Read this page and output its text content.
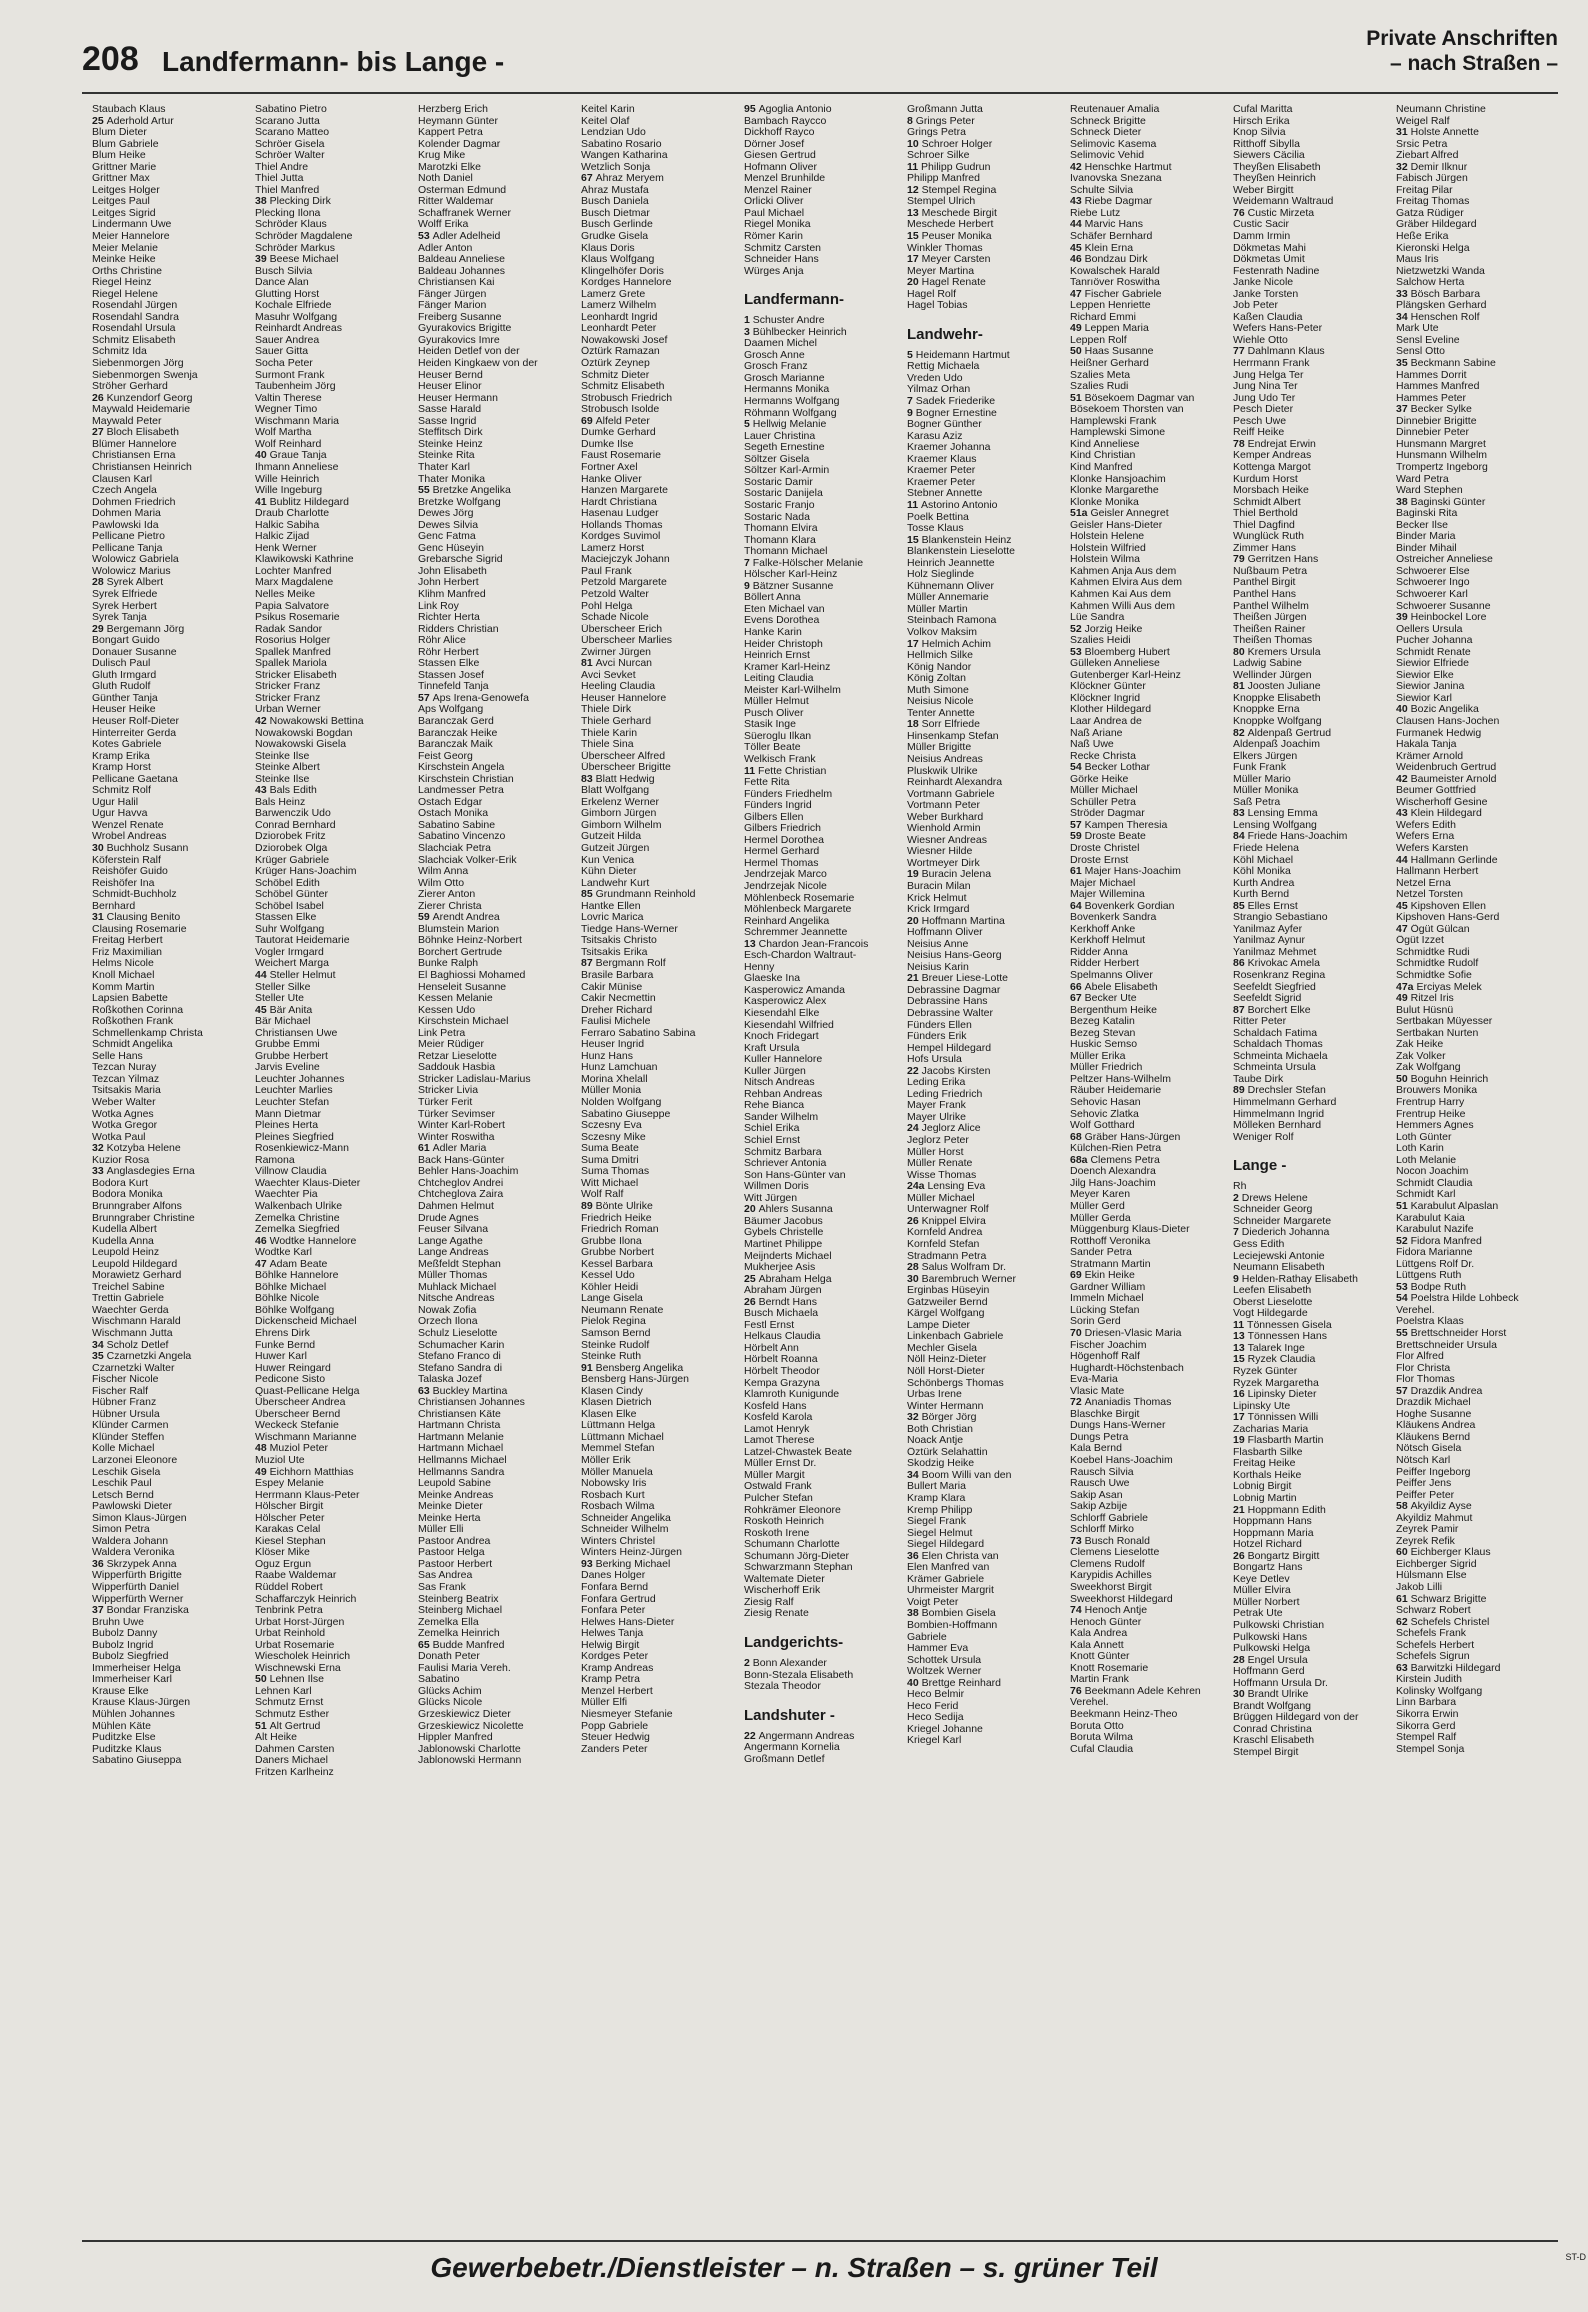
208 Landfermann- bis Lange -
Private Anschriften
– nach Straßen –
Staubach Klaus
25 Aderhold Artur
Blum Dieter
Blum Gabriele
Blum Heike
Grittner Marie
Grittner Max
Leitges Holger
Leitges Paul
Leitges Sigrid
Lindermann Uwe
Meier Hannelore
Meier Melanie
Meinke Heike
Orths Christine
Riegel Heinz
Riegel Helene
Rosendahl Jürgen
Rosendahl Sandra
Rosendahl Ursula
Schmitz Elisabeth
Schmitz Ida
Siebenmorgen Jörg
Siebenmorgen Swenja
Ströher Gerhard
26 Kunzendorf Georg
Maywald Heidemarie
Maywald Peter
27 Bloch Elisabeth
Blümer Hannelore
Christiansen Erna
Christiansen Heinrich
Clausen Karl
Czech Angela
Dohmen Friedrich
Dohmen Maria
Pawlowski Ida
Pellicane Pietro
Pellicane Tanja
Wolowicz Gabriela
Wolowicz Marius
28 Syrek Albert
Syrek Elfriede
Syrek Herbert
Syrek Tanja
29 Bergemann Jörg
Bongart Guido
Donauer Susanne
Dulisch Paul
Gluth Irmgard
Gluth Rudolf
Günther Tanja
Heuser Heike
Heuser Rolf-Dieter
Hinterreiter Gerda
Kotes Gabriele
Kramp Erika
Kramp Horst
Pellicane Gaetana
Schmitz Rolf
Ugur Halil
Ugur Havva
Wenzel Renate
Wrobel Andreas
30 Buchholz Susann
Köferstein Ralf
Reishöfer Guido
Reishöfer Ina
Schmidt-Buchholz
Bernhard
31 Clausing Benito
Clausing Rosemarie
Freitag Herbert
Friz Maximilian
Helms Nicole
Knoll Michael
Komm Martin
Lapsien Babette
Roßkothen Corinna
Roßkothen Frank
Schmellenkamp Christa
Schmidt Angelika
Selle Hans
Tezcan Nuray
Tezcan Yilmaz
Tsitsakis Maria
Weber Walter
Wotka Agnes
Wotka Gregor
Wotka Paul
32 Kotzyba Helene
Kuzior Rosa
33 Anglasdegies Erna
Bodora Kurt
Bodora Monika
Brunngraber Alfons
Brunngraber Christine
Kudella Albert
Kudella Anna
Leupold Heinz
Leupold Hildegard
Morawietz Gerhard
Treichel Sabine
Trettin Gabriele
Waechter Gerda
Wischmann Harald
Wischmann Jutta
34 Scholz Detlef
35 Czarnetzki Angela
Czarnetzki Walter
Fischer Nicole
Fischer Ralf
Hübner Franz
Hübner Ursula
Klünder Carmen
Klünder Steffen
Kolle Michael
Larzonei Eleonore
Leschik Gisela
Leschik Paul
Letsch Bernd
Pawlowski Dieter
Simon Klaus-Jürgen
Simon Petra
Waldera Johann
Waldera Veronika
36 Skrzypek Anna
Wipperfürth Brigitte
Wipperfürth Daniel
Wipperfürth Werner
37 Bondar Franziska
Bruhn Uwe
Bubolz Danny
Bubolz Ingrid
Bubolz Siegfried
Immerheiser Helga
Immerheiser Karl
Krause Elke
Krause Klaus-Jürgen
Mühlen Johannes
Mühlen Käte
Puditzke Else
Puditzke Klaus
Sabatino Giuseppa
Sabatino Pietro
Scarano Jutta
Scarano Matteo
Schröer Gisela
Schröer Walter
Thiel Andre
Thiel Jutta
Thiel Manfred
38 Plecking Dirk
Plecking Ilona
Schröder Klaus
Schröder Magdalene
Schröder Markus
39 Beese Michael
Busch Silvia
Dance Alan
Glutting Horst
Kochale Elfriede
Masuhr Wolfgang
Reinhardt Andreas
Sauer Andrea
Sauer Gitta
Socha Peter
Surmont Frank
Taubenheim Jörg
Valtin Therese
Wegner Timo
Wischmann Maria
Wolf Martha
Wolf Reinhard
40 Graue Tanja
Ihmann Anneliese
Wille Heinrich
Wille Ingeburg
41 Bublitz Hildegard
Draub Charlotte
Halkic Sabiha
Halkic Zijad
Henk Werner
Klawikowski Kathrine
Lochter Manfred
Marx Magdalene
Nelles Meike
Papia Salvatore
Psikus Rosemarie
Radak Sandor
Rosorius Holger
Spallek Manfred
Spallek Mariola
Stricker Elisabeth
Stricker Franz
Stricker Franz
Urban Werner
42 Nowakowski Bettina
Nowakowski Bogdan
Nowakowski Gisela
Steinke Ilse
Steinke Albert
Steinke Ilse
43 Bals Edith
Bals Heinz
Barwenczik Udo
Conrad Bernhard
Dziorobek Fritz
Dziorobek Olga
Krüger Gabriele
Krüger Hans-Joachim
Schöbel Edith
Schöbel Günter
Schöbel Isabel
Stassen Elke
Suhr Wolfgang
Tautorat Heidemarie
Vogler Irmgard
Weichert Marga
44 Steller Helmut
Steller Silke
Steller Ute
45 Bär Anita
Bär Michael
Christiansen Uwe
Grubbe Emmi
Grubbe Herbert
Jarvis Eveline
Leuchter Johannes
Leuchter Marlies
Leuchter Stefan
Mann Dietmar
Pleines Herta
Pleines Siegfried
Rosenkiewicz-Mann
Ramona
Villnow Claudia
Waechter Klaus-Dieter
Waechter Pia
Walkenbach Ulrike
Zemelka Christine
Zemelka Siegfried
46 Wodtke Hannelore
Wodtke Karl
47 Adam Beate
Böhlke Hannelore
Böhlke Michael
Böhlke Nicole
Böhlke Wolfgang
Dickenscheid Michael
Ehrens Dirk
Funke Bernd
Huwer Karl
Huwer Reingard
Pedicone Sisto
Quast-Pellicane Helga
Überscheer Andrea
Überscheer Bernd
Weckeck Stefanie
Wischmann Marianne
48 Muziol Peter
Muziol Ute
49 Eichhorn Matthias
Espey Melanie
Herrmann Klaus-Peter
Hölscher Birgit
Hölscher Peter
Karakas Celal
Kiesel Stephan
Klöser Mike
Oguz Ergun
Raabe Waldemar
Rüddel Robert
Schaffarczyk Heinrich
Tenbrink Petra
Urbat Horst-Jürgen
Urbat Reinhold
Urbat Rosemarie
Wiescholek Heinrich
Wischnewski Erna
50 Lehnen Ilse
Lehnen Karl
Schmutz Ernst
Schmutz Esther
51 Alt Gertrud
Alt Heike
Dahmen Carsten
Daners Michael
Fritzen Karlheinz
Herzberg Erich
Heymann Günter
Kappert Petra
Kolender Dagmar
Krug Mike
Marotzki Elke
Noth Daniel
Osterman Edmund
Ritter Waldemar
Schaffranek Werner
Wolff Erika
53 Adler Adelheid
Adler Anton
Baldeau Anneliese
Baldeau Johannes
Christiansen Kai
Fänger Jürgen
Fänger Marion
Freiberg Susanne
Gyurakovics Brigitte
Gyurakovics Imre
Heiden Detlef von der
Heiden Kingkaew von der
Heuser Bernd
Heuser Elinor
Heuser Hermann
Sasse Harald
Sasse Ingrid
Steffitsch Dirk
Steinke Heinz
Steinke Rita
Thater Karl
Thater Monika
55 Bretzke Angelika
Bretzke Wolfgang
Dewes Jörg
Dewes Silvia
Genc Fatma
Genc Hüseyin
Grebarsche Sigrid
John Elisabeth
John Herbert
Klihm Manfred
Link Roy
Richter Herta
Ridders Christian
Röhr Alice
Röhr Herbert
Stassen Elke
Stassen Josef
Tinnefeld Tanja
57 Aps Irena-Genowefa
Aps Wolfgang
Baranczak Gerd
Baranczak Heike
Baranczak Maik
Feist Georg
Kirschstein Angela
Kirschstein Christian
Landmesser Petra
Ostach Edgar
Ostach Monika
Sabatino Sabine
Sabatino Vincenzo
Slachciak Petra
Slachciak Volker-Erik
Wilm Anna
Wilm Otto
Zierer Anton
Zierer Christa
59 Arendt Andrea
Blumstein Marion
Böhnke Heinz-Norbert
Borchert Gertrude
Bunke Ralph
El Baghiossi Mohamed
Henseleit Susanne
Kessen Melanie
Kessen Udo
Kirschstein Michael
Link Petra
Meier Rüdiger
Retzar Lieselotte
Saddouk Hasbia
Stricker Ladislau-Marius
Stricker Livia
Türker Ferit
Türker Sevimser
Winter Karl-Robert
Winter Roswitha
61 Adler Maria
Back Hans-Günter
Behler Hans-Joachim
Chtcheglov Andrei
Chtcheglova Zaira
Dahmen Helmut
Drude Agnes
Feuser Silvana
Lange Agathe
Lange Andreas
Meßfeldt Stephan
Müller Thomas
Muhlack Michael
Nitsche Andreas
Nowak Zofia
Orzech Ilona
Schulz Lieselotte
Schumacher Karin
Stefano Franco di
Stefano Sandra di
Talaska Jozef
63 Buckley Martina
Christiansen Johannes
Christiansen Käte
Hartmann Christa
Hartmann Melanie
Hartmann Michael
Hellmanns Michael
Hellmanns Sandra
Leupold Sabine
Meinke Andreas
Meinke Dieter
Meinke Herta
Müller Elli
Pastoor Andrea
Pastoor Helga
Pastoor Herbert
Sas Andrea
Sas Frank
Steinberg Beatrix
Steinberg Michael
Zemelka Ella
Zemelka Heinrich
65 Budde Manfred
Donath Peter
Faulisi Maria Vereh.
Sabatino
Glücks Achim
Glücks Nicole
Grzeskiewicz Dieter
Grzeskiewicz Nicolette
Hippler Manfred
Jablonowski Charlotte
Jablonowski Hermann
Keitel Karin
Keitel Olaf
Lendzian Udo
Sabatino Rosario
Wangen Katharina
Wetzlich Sonja
67 Ahraz Meryem
Ahraz Mustafa
Busch Daniela
Busch Dietmar
Busch Gerlinde
Grudke Gisela
Klaus Doris
Klaus Wolfgang
Klingelhöfer Doris
Kordges Hannelore
Lamerz Grete
Lamerz Wilhelm
Leonhardt Ingrid
Leonhardt Peter
Nowakowski Josef
Öztürk Ramazan
Öztürk Zeynep
Schmitz Dieter
Schmitz Elisabeth
Strobusch Friedrich
Strobusch Isolde
69 Alfeld Peter
Dumke Gerhard
Dumke Ilse
Faust Rosemarie
Fortner Axel
Hanke Oliver
Hanzen Margarete
Hardt Christiana
Hasenau Ludger
Hollands Thomas
Kordges Suvimol
Lamerz Horst
Maciejczyk Johann
Paul Frank
Petzold Margarete
Petzold Walter
Pohl Helga
Schade Nicole
Überscheer Erich
Überscheer Marlies
Zwirner Jürgen
81 Avci Nurcan
Avci Sevket
Heeling Claudia
Heuser Hannelore
Thiele Dirk
Thiele Gerhard
Thiele Karin
Thiele Sina
Überscheer Alfred
Überscheer Brigitte
83 Blatt Hedwig
Blatt Wolfgang
Erkelenz Werner
Gimborn Jürgen
Gimborn Wilhelm
Gutzeit Hilda
Gutzeit Jürgen
Kun Venica
Kühn Dieter
Landwehr Kurt
85 Grundmann Reinhold
Hantke Ellen
Lovric Marica
Tiedge Hans-Werner
Tsitsakis Christo
Tsitsakis Erika
87 Bergmann Rolf
Brasile Barbara
Cakir Münise
Cakir Necmettin
Dreher Richard
Faulisi Michele
Ferraro Sabatino Sabina
Heuser Ingrid
Hunz Hans
Hunz Lamchuan
Morina Xhelall
Müller Monia
Nolden Wolfgang
Sabatino Giuseppe
Sczesny Eva
Sczesny Mike
Suma Beate
Suma Dmitri
Suma Thomas
Witt Michael
Wolf Ralf
89 Bönte Ulrike
Friedrich Heike
Friedrich Roman
Grubbe Ilona
Grubbe Norbert
Kessel Barbara
Kessel Udo
Köhler Heidi
Lange Gisela
Neumann Renate
Pielok Regina
Samson Bernd
Steinke Rudolf
Steinke Ruth
91 Bensberg Angelika
Bensberg Hans-Jürgen
Klasen Cindy
Klasen Dietrich
Klasen Elke
Lüttmann Helga
Lüttmann Michael
Memmel Stefan
Möller Erik
Möller Manuela
Nobowsky Iris
Rosbach Kurt
Rosbach Wilma
Schneider Angelika
Schneider Wilhelm
Winters Christel
Winters Heinz-Jürgen
93 Berking Michael
Danes Holger
Fonfara Bernd
Fonfara Gertrud
Fonfara Peter
Helwes Hans-Dieter
Helwes Tanja
Helwig Birgit
Kordges Peter
Kramp Andreas
Kramp Petra
Menzel Herbert
Müller Elfi
Niesmeyer Stefanie
Popp Gabriele
Steuer Hedwig
Zanders Peter
95 Agoglia Antonio
Bambach Raycco
Dickhoff Rayco
Dörner Josef
Giesen Gertrud
Hofmann Oliver
Menzel Brunhilde
Menzel Rainer
Orlicki Oliver
Paul Michael
Riegel Monika
Römer Karin
Schmitz Carsten
Schneider Hans
Würges Anja
Landfermann-
1 Schuster Andre
3 Bühlbecker Heinrich
Daamen Michel
Grosch Anne
Grosch Franz
Grosch Marianne
Hermanns Monika
Hermanns Wolfgang
Röhmann Wolfgang
5 Hellwig Melanie
Lauer Christina
Segeth Ernestine
Söltzer Gisela
Söltzer Karl-Armin
Sostaric Damir
Sostaric Danijela
Sostaric Franjo
Sostaric Nada
Thomann Elvira
Thomann Klara
Thomann Michael
7 Falke-Hölscher Melanie
Hölscher Karl-Heinz
9 Bätzner Susanne
Böllert Anna
Eten Michael van
Evens Dorothea
Hanke Karin
Heider Christoph
Heinrich Ernst
Kramer Karl-Heinz
Leiting Claudia
Meister Karl-Wilhelm
Müller Helmut
Pusch Oliver
Stasik Inge
Süeroglu Ilkan
Töller Beate
Welkisch Frank
11 Fette Christian
Fette Rita
Fünders Friedhelm
Fünders Ingrid
Gilbers Ellen
Gilbers Friedrich
Hermel Dorothea
Hermel Gerhard
Hermel Thomas
Jendrzejak Marco
Jendrzejak Nicole
Möhlenbeck Rosemarie
Möhlenbeck Margarete
Reinhard Angelika
Schremmer Jeannette
13 Chardon Jean-Francois
Esch-Chardon Waltraut-
Henny
Glaeske Ina
Kasperowicz Amanda
Kasperowicz Alex
Kiesendahl Elke
Kiesendahl Wilfried
Knoch Fridegart
Kraft Ursula
Kuller Hannelore
Kuller Jürgen
Nitsch Andreas
Rehban Andreas
Rehe Bianca
Sander Wilhelm
Schiel Erika
Schiel Ernst
Schmitz Barbara
Schriever Antonia
Son Hans-Günter van
Willmen Doris
Witt Jürgen
20 Ahlers Susanna
Bäumer Jacobus
Gybels Christelle
Martinet Philippe
Meijnderts Michael
Mukherjee Asis
25 Abraham Helga
Abraham Jürgen
26 Berndt Hans
Busch Michaela
Festl Ernst
Helkaus Claudia
Hörbelt Ann
Hörbelt Roanna
Hörbelt Theodor
Kempa Grazyna
Klamroth Kunigunde
Kosfeld Hans
Kosfeld Karola
Lamot Henryk
Lamot Therese
Latzel-Chwastek Beate
Müller Ernst Dr.
Müller Margit
Ostwald Frank
Pulcher Stefan
Rohkrämer Eleonore
Roskoth Heinrich
Roskoth Irene
Schumann Charlotte
Schumann Jörg-Dieter
Schwarzmann Stephan
Waltemate Dieter
Wischerhoff Erik
Ziesig Ralf
Ziesig Renate
Landgerichts-
2 Bonn Alexander
Bonn-Stezala Elisabeth
Stezala Theodor
Landshuter -
22 Angermann Andreas
Angermann Kornelia
Großmann Detlef
Großmann Jutta
8 Grings Peter
Grings Petra
10 Schroer Holger
Schroer Silke
11 Philipp Gudrun
Philipp Manfred
12 Stempel Regina
Stempel Ulrich
13 Meschede Birgit
Meschede Herbert
15 Peuser Monika
Winkler Thomas
17 Meyer Carsten
Meyer Martina
20 Hagel Renate
Hagel Rolf
Hagel Tobias
Landwehr-
5 Heidemann Hartmut
Rettig Michaela
Vreden Udo
Yilmaz Orhan
7 Sadek Friederike
9 Bogner Ernestine
Bogner Günther
Karasu Aziz
Kraemer Johanna
Kraemer Klaus
Kraemer Peter
Kraemer Peter
Stebner Annette
11 Astorino Antonio
Poelk Bettina
Tosse Klaus
15 Blankenstein Heinz
Blankenstein Lieselotte
Heinrich Jeannette
Holz Sieglinde
Kühnemann Oliver
Müller Annemarie
Müller Martin
Steinbach Ramona
Volkov Maksim
17 Helmich Achim
Hellmich Silke
König Nandor
König Zoltan
Muth Simone
Neisius Nicole
Tenter Annette
18 Sorr Elfriede
Hinsenkamp Stefan
Müller Brigitte
Neisius Andreas
Pluskwik Ulrike
Reinhardt Alexandra
Vortmann Gabriele
Vortmann Peter
Weber Burkhard
Wienhold Armin
Wiesner Andreas
Wiesner Hilde
Wortmeyer Dirk
19 Buracin Jelena
Buracin Milan
Krick Helmut
Krick Irmgard
20 Hoffmann Martina
Hoffmann Oliver
Neisius Anne
Neisius Hans-Georg
Neisius Karin
21 Breuer Liese-Lotte
Debrassine Dagmar
Debrassine Hans
Debrassine Walter
Fünders Ellen
Fünders Erik
Hempel Hildegard
Hofs Ursula
22 Jacobs Kirsten
Leding Erika
Leding Friedrich
Mayer Frank
Mayer Ulrike
24 Jeglorz Alice
Jeglorz Peter
Müller Horst
Müller Renate
Wisse Thomas
24a Lensing Eva
Müller Michael
Unterwagner Rolf
26 Knippel Elvira
Kornfeld Andrea
Kornfeld Stefan
Stradmann Petra
28 Salus Wolfram Dr.
30 Barembruch Werner
Erginbas Hüseyin
Gatzweiler Bernd
Kärgel Wolfgang
Lampe Dieter
Linkenbach Gabriele
Mechler Gisela
Nöll Heinz-Dieter
Nöll Horst-Dieter
Schönbergs Thomas
Urbas Irene
Winter Hermann
32 Börger Jörg
Both Christian
Noack Antje
Öztürk Selahattin
Skodzig Heike
34 Boom Willi van den
Bullert Maria
Kramp Klara
Kremp Philipp
Siegel Frank
Siegel Helmut
Siegel Hildegard
36 Elen Christa van
Elen Manfred van
Krämer Gabriele
Uhrmeister Margrit
Voigt Peter
38 Bombien Gisela
Bombien-Hoffmann
Gabriele
Hammer Eva
Schottek Ursula
Woltzek Werner
40 Brettge Reinhard
Heco Belmir
Heco Ferid
Heco Sedija
Kriegel Johanne
Kriegel Karl
Reutenauer Amalia
Schneck Brigitte
Schneck Dieter
Selimovic Kasema
Selimovic Vehid
42 Henschke Hartmut
Ivanovska Snezana
Schulte Silvia
43 Riebe Dagmar
Riebe Lutz
44 Marvic Hans
Schäfer Bernhard
45 Klein Erna
46 Bondzau Dirk
Kowalschek Harald
Tanrıöver Roswitha
47 Fischer Gabriele
Leppen Henriette
Richard Emmi
49 Leppen Maria
Leppen Rolf
50 Haas Susanne
Heißner Gerhard
Szalies Meta
Szalies Rudi
51 Bösekoem Dagmar van
Bösekoem Thorsten van
Hamplewski Frank
Hamplewski Simone
Kind Anneliese
Kind Christian
Kind Manfred
Klonke Hansjoachim
Klonke Margarethe
Klonke Monika
51a Geisler Annegret
Geisler Hans-Dieter
Holstein Helene
Holstein Wilfried
Holstein Wilma
Kahmen Anja Aus dem
Kahmen Elvira Aus dem
Kahmen Kai Aus dem
Kahmen Willi Aus dem
Lüe Sandra
52 Jorzig Heike
Szalies Heidi
53 Bloemberg Hubert
Gülleken Anneliese
Gutenberger Karl-Heinz
Klöckner Günter
Klöckner Ingrid
Klother Hildegard
Laar Andrea de
Naß Ariane
Naß Uwe
Recke Christa
54 Becker Lothar
Görke Heike
Müller Michael
Schüller Petra
Ströder Dagmar
57 Kampen Theresia
59 Droste Beate
Droste Christel
Droste Ernst
61 Majer Hans-Joachim
Majer Michael
Majer Willemina
64 Bovenkerk Gordian
Bovenkerk Sandra
Kerkhoff Anke
Kerkhoff Helmut
Ridder Anna
Ridder Herbert
Spelmanns Oliver
66 Abele Elisabeth
67 Becker Ute
Bergenthum Heike
Bezeg Katalin
Bezeg Stevan
Huskic Semso
Müller Erika
Müller Friedrich
Peltzer Hans-Wilhelm
Räuber Heidemarie
Sehovic Hasan
Sehovic Zlatka
Wolf Gotthard
68 Gräber Hans-Jürgen
Külchen-Rien Petra
68a Clemens Petra
Doench Alexandra
Jilg Hans-Joachim
Meyer Karen
Müller Gerd
Müller Gerda
Müggenburg Klaus-Dieter
Rotthoff Veronika
Sander Petra
Stratmann Martin
69 Ekin Heike
Gardner William
Immeln Michael
Lücking Stefan
Sorin Gerd
70 Driesen-Vlasic Maria
Fischer Joachim
Högenhoff Ralf
Hughardt-Höchstenbach
Eva-Maria
Vlasic Mate
72 Ananiadis Thomas
Blaschke Birgit
Dungs Hans-Werner
Dungs Petra
Kala Bernd
Koebel Hans-Joachim
Rausch Silvia
Rausch Uwe
Sakip Asan
Sakip Azbije
Schlorff Gabriele
Schlorff Mirko
73 Busch Ronald
Clemens Lieselotte
Clemens Rudolf
Karypidis Achilles
Sweekhorst Birgit
Sweekhorst Hildegard
74 Henoch Antje
Henoch Günter
Kala Andrea
Kala Annett
Knott Günter
Knott Rosemarie
Martin Frank
76 Beekmann Adele Kehren
Verehel.
Beekmann Heinz-Theo
Boruta Otto
Boruta Wilma
Cufal Claudia
Cufal Maritta
Hirsch Erika
Knop Silvia
Ritthoff Sibylla
Siewers Cäcilia
Theyßen Elisabeth
Theyßen Heinrich
Weber Birgitt
Weidemann Waltraud
76 Custic Mirzeta
Custic Sacir
Damm Irmin
Dökmetas Mahi
Dökmetas Ümit
Festenrath Nadine
Janke Nicole
Janke Torsten
Job Peter
Kaßen Claudia
Wefers Hans-Peter
Wiehle Otto
77 Dahlmann Klaus
Herrmann Frank
Jung Helga Ter
Jung Nina Ter
Jung Udo Ter
Pesch Dieter
Pesch Uwe
Reiff Heike
78 Endrejat Erwin
Kemper Andreas
Kottenga Margot
Kurdum Horst
Morsbach Heike
Schmidt Albert
Thiel Berthold
Thiel Dagfind
Wunglück Ruth
Zimmer Hans
79 Gerritzen Hans
Nußbaum Petra
Panthel Birgit
Panthel Hans
Panthel Wilhelm
Theißen Jürgen
Theißen Rainer
Theißen Thomas
80 Kremers Ursula
Ladwig Sabine
Wellinder Jürgen
81 Joosten Juliane
Knoppke Elisabeth
Knoppke Erna
Knoppke Wolfgang
82 Aldenpaß Gertrud
Aldenpaß Joachim
Elkers Jürgen
Funk Frank
Müller Mario
Müller Monika
Saß Petra
83 Lensing Emma
Lensing Wolfgang
84 Friede Hans-Joachim
Friede Helena
Köhl Michael
Köhl Monika
Kurth Andrea
Kurth Bernd
85 Elles Ernst
Strangio Sebastiano
Yanilmaz Ayfer
Yanilmaz Aynur
Yanilmaz Mehmet
86 Krivokac Amela
Rosenkranz Regina
Seefeldt Siegfried
Seefeldt Sigrid
87 Borchert Elke
Ritter Peter
Schaldach Fatima
Schaldach Thomas
Schmeinta Michaela
Schmeinta Ursula
Taube Dirk
89 Drechsler Stefan
Himmelmann Gerhard
Himmelmann Ingrid
Mölleken Bernhard
Weniger Rolf
Lange -
Rh
2 Drews Helene
Schneider Georg
Schneider Margarete
7 Diederich Johanna
Gess Edith
Leciejewski Antonie
Neumann Elisabeth
9 Helden-Rathay Elisabeth
Leefen Elisabeth
Oberst Lieselotte
Vogt Hildegarde
11 Tönnessen Gisela
13 Tönnessen Hans
13 Talarek Inge
15 Ryzek Claudia
Ryzek Günter
Ryzek Margaretha
16 Lipinsky Dieter
Lipinsky Ute
17 Tönnissen Willi
Zacharias Maria
19 Flasbarth Martin
Flasbarth Silke
Freitag Heike
Korthals Heike
Lobnig Birgit
Lobnig Martin
21 Hoppmann Edith
Hoppmann Hans
Hoppmann Maria
Hotzel Richard
26 Bongartz Birgitt
Bongartz Hans
Keye Detlev
Müller Elvira
Müller Norbert
Petrak Ute
Pulkowski Christian
Pulkowski Hans
Pulkowski Helga
28 Engel Ursula
Hoffmann Gerd
Hoffmann Ursula Dr.
30 Brandt Ulrike
Brandt Wolfgang
Brüggen Hildegard von der
Conrad Christina
Kraschl Elisabeth
Stempel Birgit
Neumann Christine
Weigel Ralf
31 Holste Annette
Srsic Petra
Ziebart Alfred
32 Demir Ilknur
Fabisch Jürgen
Freitag Pilar
Freitag Thomas
Gatza Rüdiger
Gräber Hildegard
Heße Erika
Kieronski Helga
Maus Iris
Nietzwetzki Wanda
Salchow Herta
33 Bösch Barbara
Plängsken Gerhard
34 Henschen Rolf
Mark Ute
Sensl Eveline
Sensl Otto
35 Beckmann Sabine
Hammes Dorrit
Hammes Manfred
Hammes Peter
37 Becker Sylke
Dinnebier Brigitte
Dinnebier Peter
Hunsmann Margret
Hunsmann Wilhelm
Trompertz Ingeborg
Ward Petra
Ward Stephen
38 Baginski Günter
Baginski Rita
Becker Ilse
Binder Maria
Binder Mihail
Ostreicher Anneliese
Schwoerer Else
Schwoerer Ingo
Schwoerer Karl
Schwoerer Susanne
39 Heinbockel Lore
Oellers Ursula
Pucher Johanna
Schmidt Renate
Siewior Elfriede
Siewior Elke
Siewior Janina
Siewior Karl
40 Bozic Angelika
Clausen Hans-Jochen
Furmanek Hedwig
Hakala Tanja
Krämer Arnold
Weidenbruch Gertrud
42 Baumeister Arnold
Beumer Gottfried
Wischerhoff Gesine
43 Klein Hildegard
Wefers Edith
Wefers Erna
Wefers Karsten
44 Hallmann Gerlinde
Hallmann Herbert
Netzel Erna
Netzel Torsten
45 Kipshoven Ellen
Kipshoven Hans-Gerd
47 Ögüt Gülcan
Ögüt Izzet
Schmidtke Rudi
Schmidtke Rudolf
Schmidtke Sofie
47a Erciyas Melek
49 Ritzel Iris
Bulut Hüsnü
Sertbakan Müyesser
Sertbakan Nurten
Zak Heike
Zak Volker
Zak Wolfgang
50 Boguhn Heinrich
Brouwers Monika
Frentrup Harry
Frentrup Heike
Hemmers Agnes
Loth Günter
Loth Karin
Loth Melanie
Nocon Joachim
Schmidt Claudia
Schmidt Karl
51 Karabulut Alpaslan
Karabulut Kaia
Karabulut Nazife
52 Fidora Manfred
Fidora Marianne
Lüttgens Rolf Dr.
Lüttgens Ruth
53 Bodpe Ruth
54 Poelstra Hilde Lohbeck
Verehel.
Poelstra Klaas
55 Brettschneider Horst
Brettschneider Ursula
Flor Alfred
Flor Christa
Flor Thomas
57 Drazdik Andrea
Drazdik Michael
Hoghe Susanne
Kläukens Andrea
Kläukens Bernd
Nötsch Gisela
Nötsch Karl
Peiffer Ingeborg
Peiffer Jens
Peiffer Peter
58 Akyildiz Ayse
Akyildiz Mahmut
Zeyrek Pamir
Zeyrek Refik
60 Eichberger Klaus
Eichberger Sigrid
Hülsmann Else
Jakob Lilli
61 Schwarz Brigitte
Schwarz Robert
62 Schefels Christel
Schefels Frank
Schefels Herbert
Schefels Sigrun
63 Barwitzki Hildegard
Kirstein Judith
Kolinsky Wolfgang
Linn Barbara
Sikorra Erwin
Sikorra Gerd
Stempel Ralf
Stempel Sonja
Gewerbebetr./Dienstleister – n. Straßen – s. grüner Teil	ST-D
